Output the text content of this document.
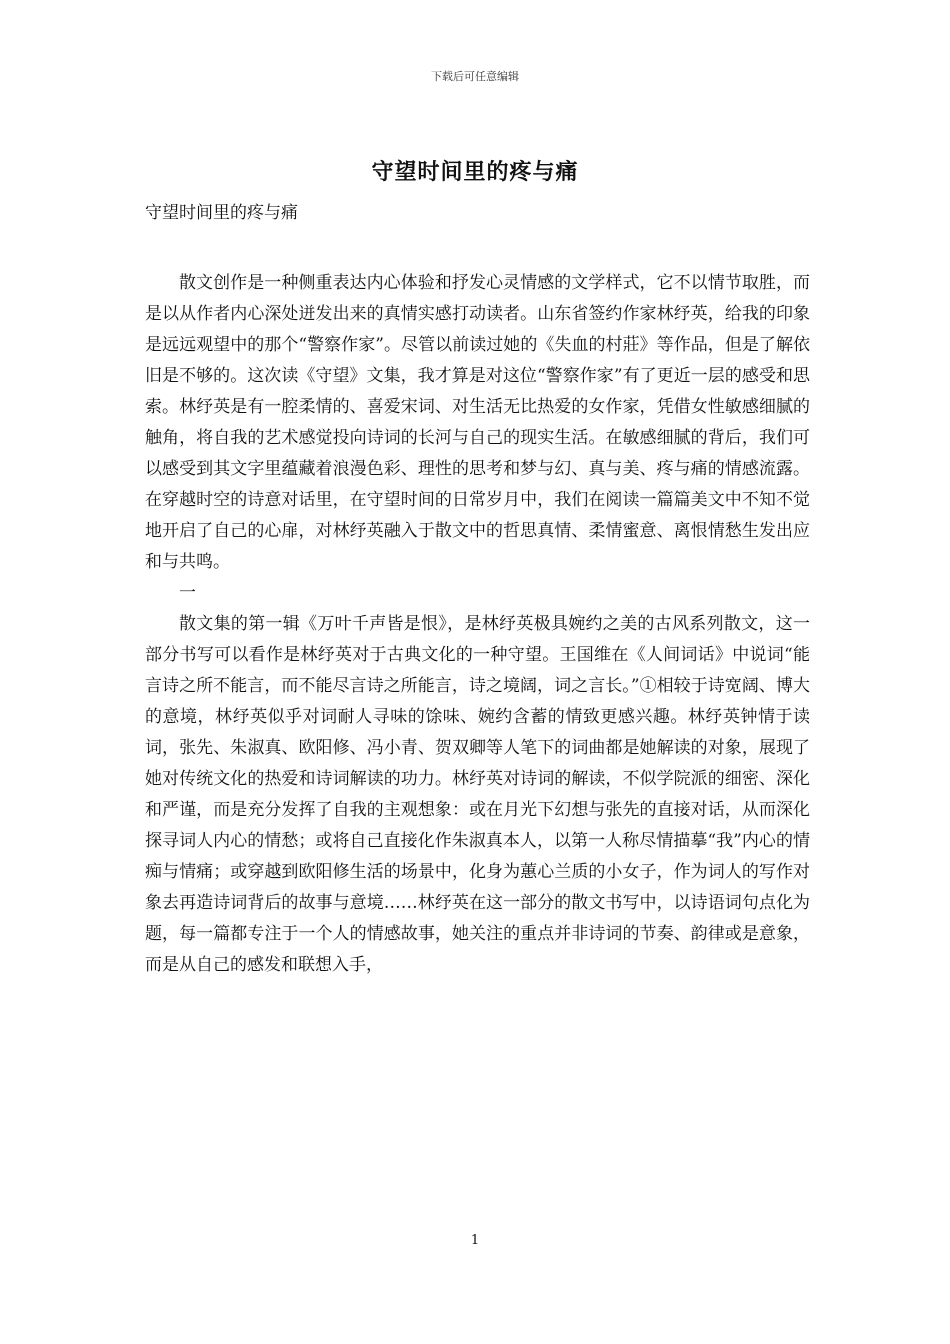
下载后可任意编辑
守望时间里的疼与痛
守望时间里的疼与痛

散文创作是一种侧重表达内心体验和抒发心灵情感的文学样式，它不以情节取胜，而是以从作者内心深处迸发出来的真情实感打动读者。山东省签约作家林纾英，给我的印象是远远观望中的那个“警察作家”。尽管以前读过她的《失血的村莊》等作品，但是了解依旧是不够的。这次读《守望》文集，我才算是对这位“警察作家”有了更近一层的感受和思索。林纾英是有一腔柔情的、喜爱宋词、对生活无比热爱的女作家，凭借女性敏感细腻的触角，将自我的艺术感觉投向诗词的长河与自己的现实生活。在敏感细腻的背后，我们可以感受到其文字里蕴藏着浪漫色彩、理性的思考和梦与幻、真与美、疼与痛的情感流露。在穿越时空的诗意对话里，在守望时间的日常岁月中，我们在阅读一篇篇美文中不知不觉地开启了自己的心扉，对林纾英融入于散文中的哲思真情、柔情蜜意、离恨情愁生发出应和与共鸣。

一

散文集的第一辑《万叶千声皆是恨》，是林纾英极具婉约之美的古风系列散文，这一部分书写可以看作是林纾英对于古典文化的一种守望。王国维在《人间词话》中说词“能言诗之所不能言，而不能尽言诗之所能言，诗之境阔，词之言长。”①相较于诗宽阔、博大的意境，林纾英似乎对词耐人寻味的馀味、婉约含蓄的情致更感兴趣。林纾英钟情于读词，张先、朱淑真、欧阳修、冯小青、贺双卿等人笔下的词曲都是她解读的对象，展现了她对传统文化的热爱和诗词解读的功力。林纾英对诗词的解读，不似学院派的细密、深化和严谨，而是充分发挥了自我的主观想象：或在月光下幻想与张先的直接对话，从而深化探寻词人内心的情愁；或将自己直接化作朱淑真本人，以第一人称尽情描摹“我”内心的情痴与情痛；或穿越到欧阳修生活的场景中，化身为蕙心兰质的小女子，作为词人的写作对象去再造诗词背后的故事与意境……林纾英在这一部分的散文书写中，以诗语词句点化为题，每一篇都专注于一个人的情感故事，她关注的重点并非诗词的节奏、韵律或是意象，而是从自己的感发和联想入手，

1
